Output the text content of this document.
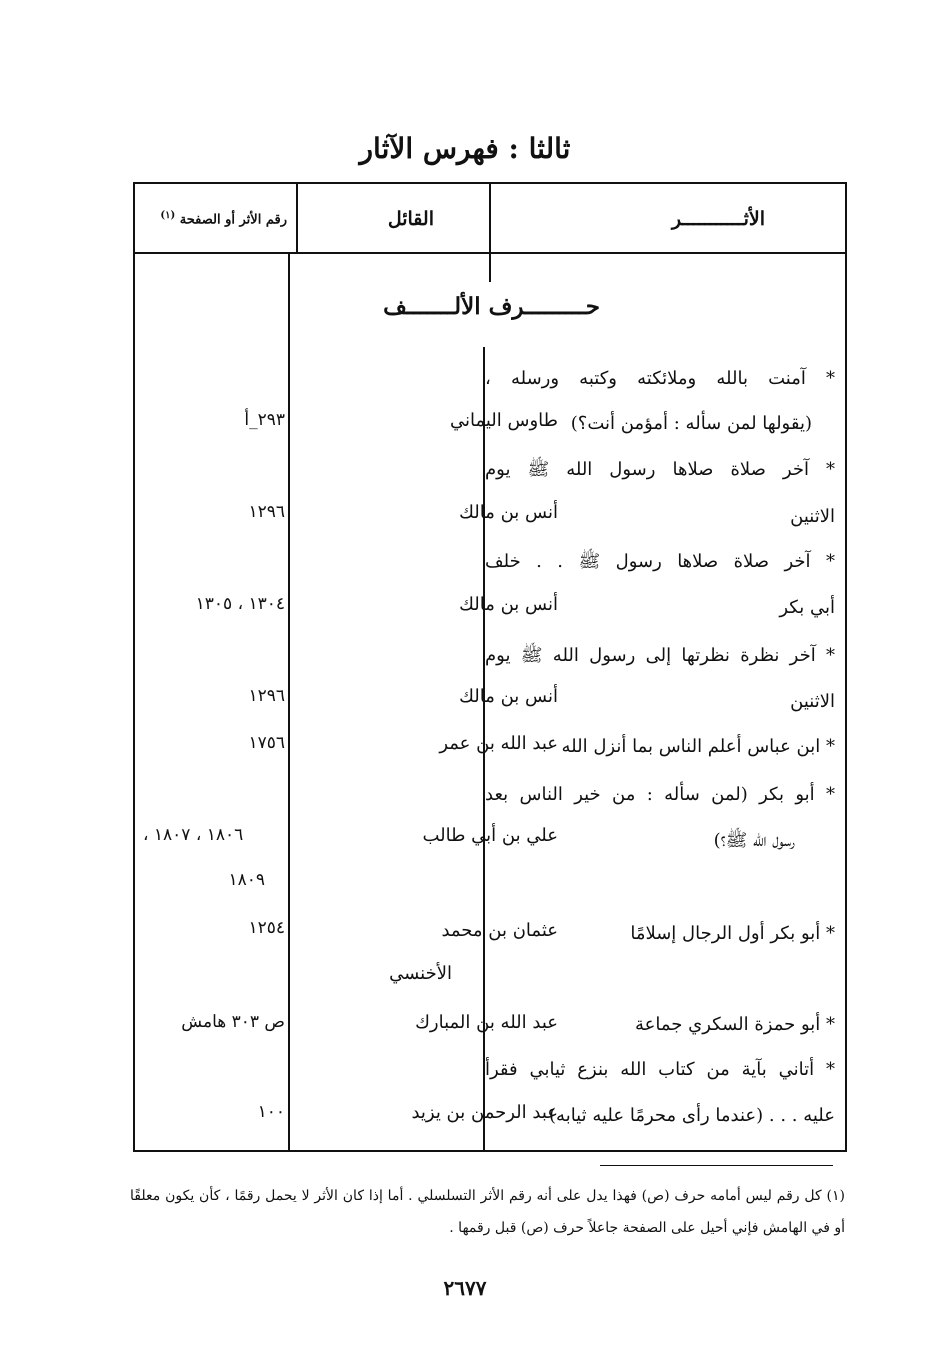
ثالثا : فهرس الآثار
الأثـــــــــــر
القائل
رقم الأثر أو الصفحة $^{(١)}$
حـــــــــرف الألـــــــف
* آمنت بالله وملائكته وكتبه ورسله ،
(يقولها لمن سأله : أمؤمن أنت؟)
طاوس اليماني
٢٩٣_أ
* آخر صلاة صلاها رسول الله ﷺ يوم
الاثنين
أنس بن مالك
١٢٩٦
* آخر صلاة صلاها رسول ﷺ . . خلف
أبي بكر
أنس بن مالك
١٣٠٤ ، ١٣٠٥
* آخر نظرة نظرتها إلى رسول الله ﷺ يوم
الاثنين
أنس بن مالك
١٢٩٦
* ابن عباس أعلم الناس بما أنزل الله
عبد الله بن عمر
١٧٥٦
* أبو بكر (لمن سأله : من خير الناس بعد
رسول الله ﷺ؟)
علي بن أبي طالب
١٨٠٦ ، ١٨٠٧ ،
١٨٠٩
* أبو بكر أول الرجال إسلامًا
عثمان بن محمد
الأخنسي
١٢٥٤
* أبو حمزة السكري جماعة
عبد الله بن المبارك
ص ٣٠٣ هامش
* أتاني بآية من كتاب الله بنزع ثيابي فقرأ
عليه . . . (عندما رأى محرمًا عليه ثيابه)
عبد الرحمن بن يزيد
١٠٠
(١) كل رقم ليس أمامه حرف (ص) فهذا يدل على أنه رقم الأثر التسلسلي . أما إذا كان الأثر لا يحمل رقمًا ، كأن يكون معلقًا أو في الهامش فإني أحيل على الصفحة جاعلاً حرف (ص) قبل رقمها .
٢٦٧٧
